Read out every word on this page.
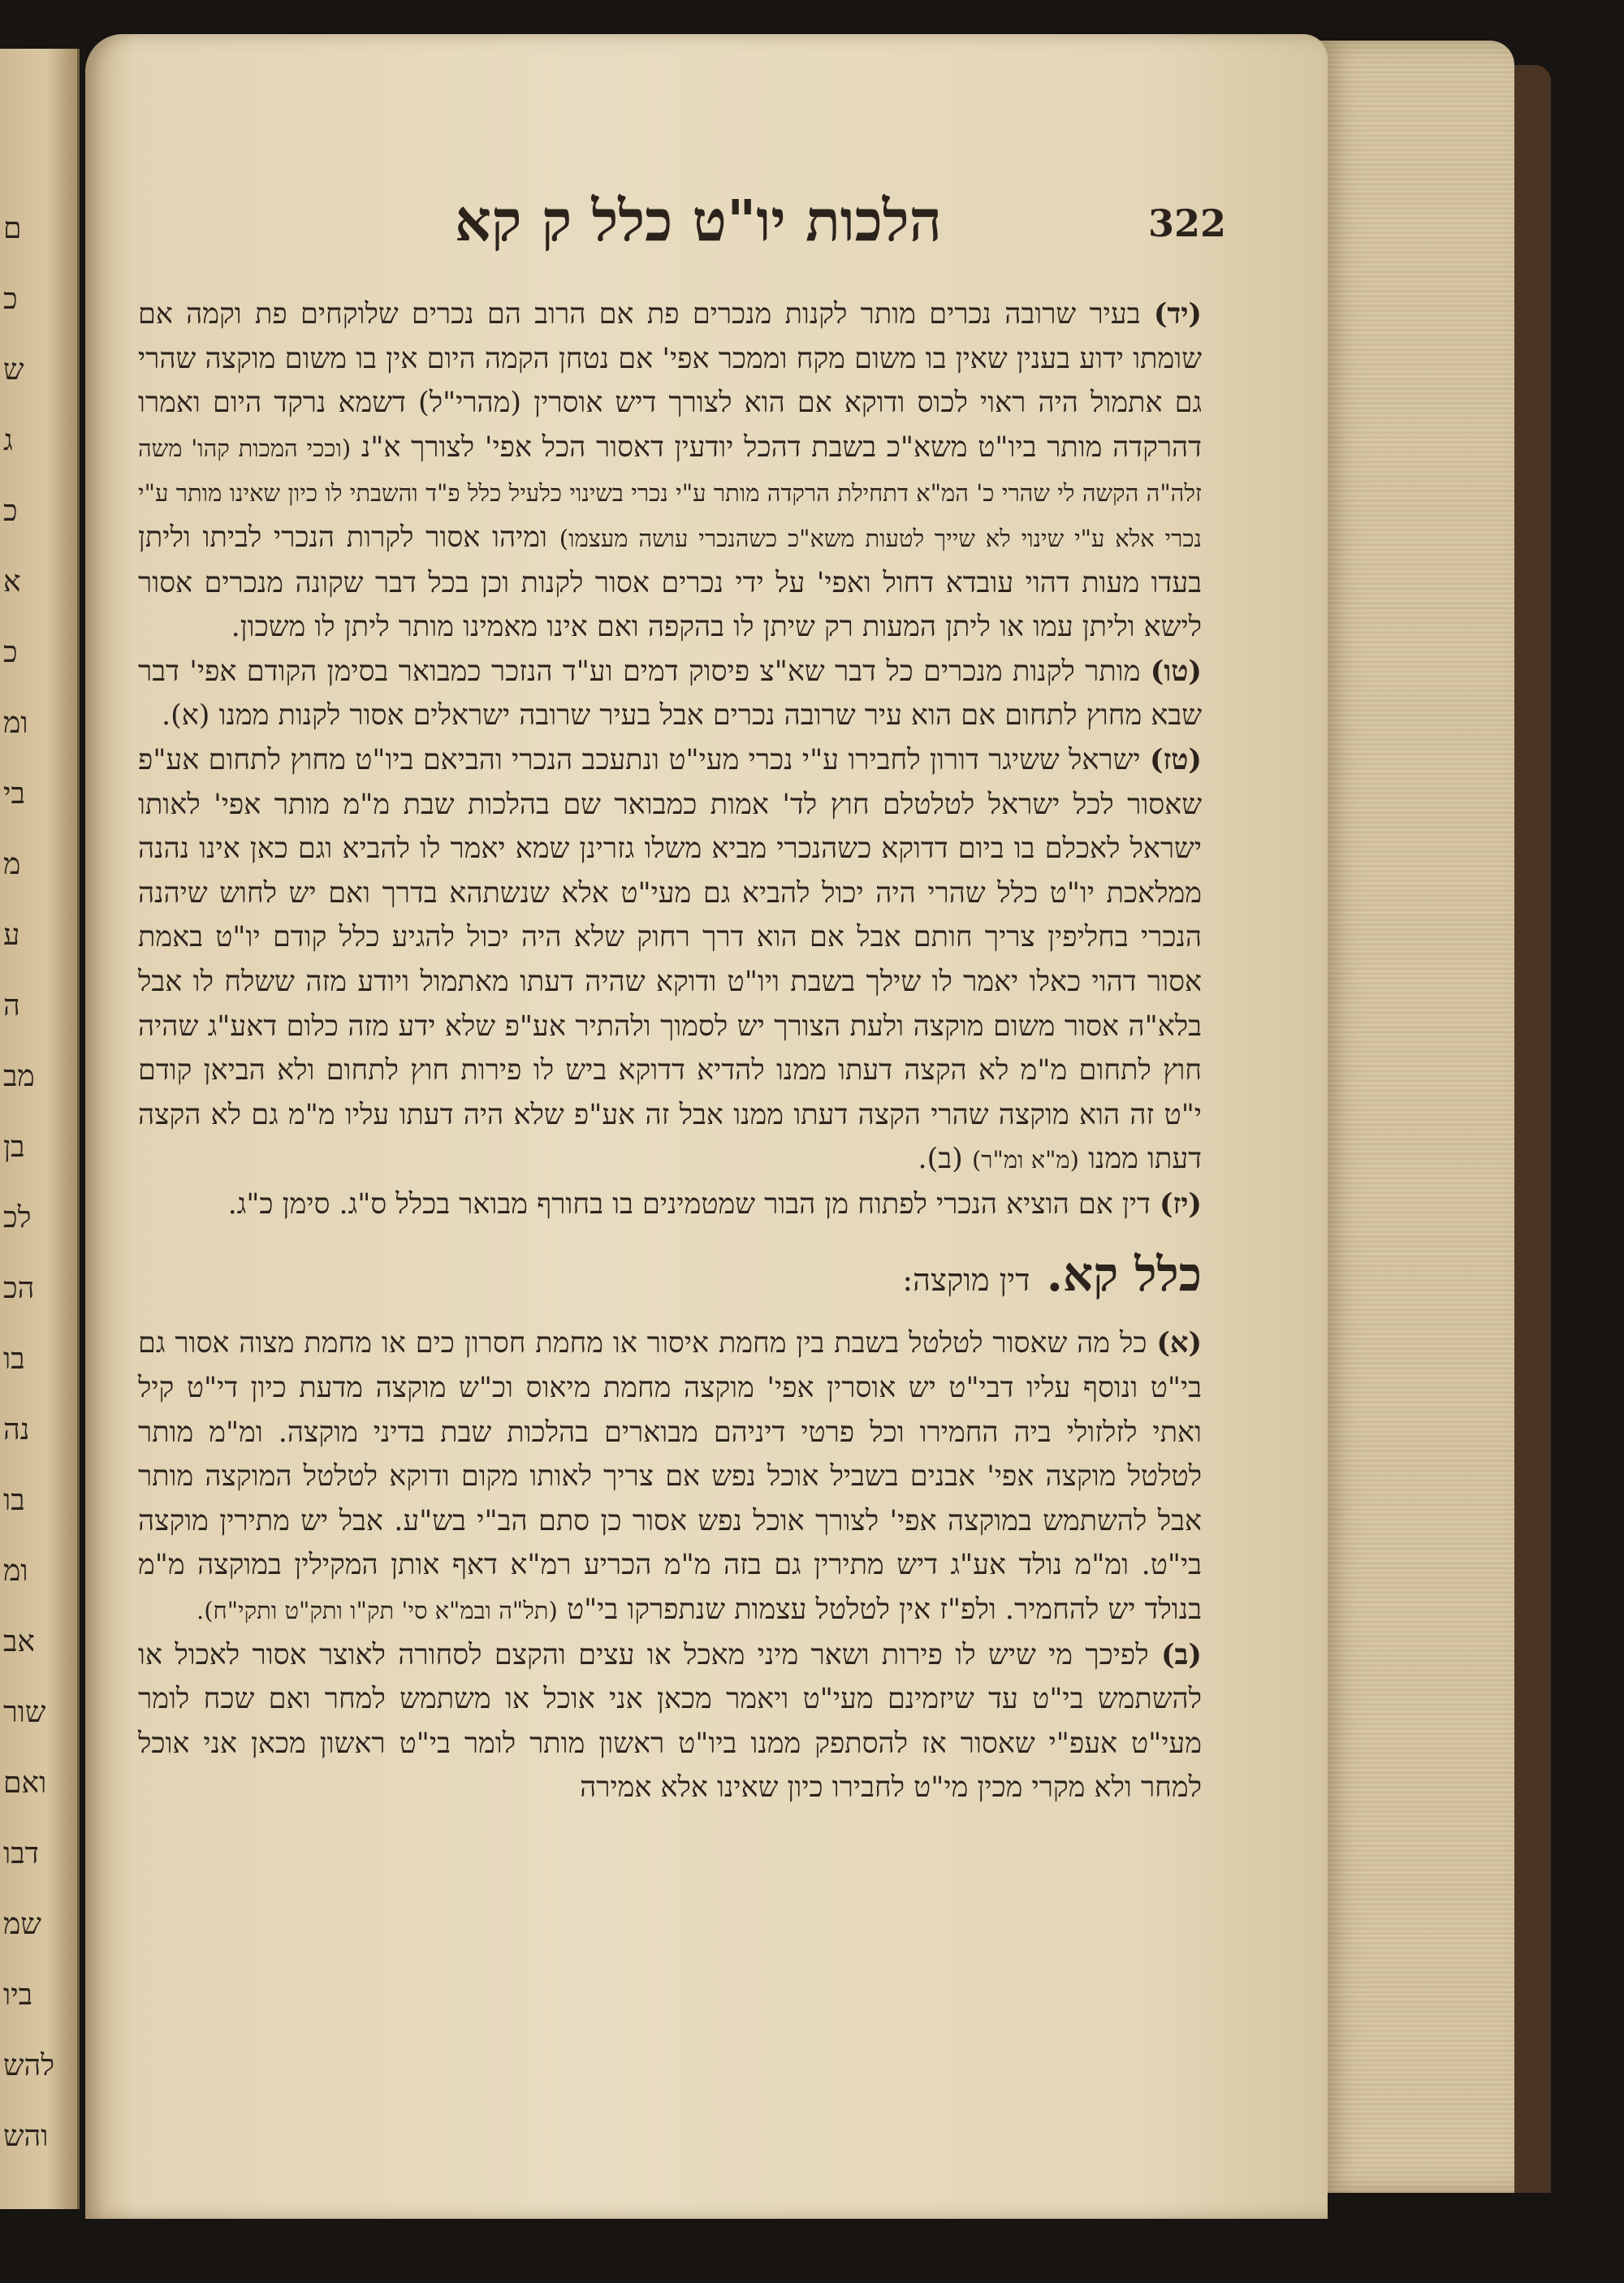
ם
כ
ש
ג
כ
א
כ
ומ
בי
מ
ע
ה
מב
בן
לכ
הכ
בו
נה
בו
ומ
אב
שור
ואם
דבו
שמ
ביו
להש
והש
322
הלכות יו"ט כלל ק קא

(יד) בעיר שרובה נכרים מותר לקנות מנכרים פת אם הרוב הם נכרים שלוקחים פת וקמה אם שומתו ידוע בענין שאין בו משום מקח וממכר אפי' אם נטחן הקמה היום אין בו משום מוקצה שהרי גם אתמול היה ראוי לכוס ודוקא אם הוא לצורך דיש אוסרין (מהרי"ל) דשמא נרקד היום ואמרו דהרקדה מותר ביו"ט משא"כ בשבת דהכל יודעין דאסור הכל אפי' לצורך א"נ (וככי המכות קהו' משה זלה"ה הקשה לי שהרי כ' המ"א דתחילת הרקדה מותר ע"י נכרי בשינוי כלעיל כלל פ"ד והשבתי לו כיון שאינו מותר ע"י נכרי אלא ע"י שינוי לא שייך לטעות משא"כ כשהנכרי עושה מעצמו) ומיהו אסור לקרות הנכרי לביתו וליתן בעדו מעות דהוי עובדא דחול ואפי' על ידי נכרים אסור לקנות וכן בכל דבר שקונה מנכרים אסור לישא וליתן עמו או ליתן המעות רק שיתן לו בהקפה ואם אינו מאמינו מותר ליתן לו משכון.

(טו) מותר לקנות מנכרים כל דבר שא"צ פיסוק דמים וע"ד הנזכר כמבואר בסימן הקודם אפי' דבר שבא מחוץ לתחום אם הוא עיר שרובה נכרים אבל בעיר שרובה ישראלים אסור לקנות ממנו (א).

(טז) ישראל ששיגר דורון לחבירו ע"י נכרי מעי"ט ונתעכב הנכרי והביאם ביו"ט מחוץ לתחום אע"פ שאסור לכל ישראל לטלטלם חוץ לד' אמות כמבואר שם בהלכות שבת מ"מ מותר אפי' לאותו ישראל לאכלם בו ביום דדוקא כשהנכרי מביא משלו גזרינן שמא יאמר לו להביא וגם כאן אינו נהנה ממלאכת יו"ט כלל שהרי היה יכול להביא גם מעי"ט אלא שנשתהא בדרך ואם יש לחוש שיהנה הנכרי בחליפין צריך חותם אבל אם הוא דרך רחוק שלא היה יכול להגיע כלל קודם יו"ט באמת אסור דהוי כאלו יאמר לו שילך בשבת ויו"ט ודוקא שהיה דעתו מאתמול ויודע מזה ששלח לו אבל בלא"ה אסור משום מוקצה ולעת הצורך יש לסמוך ולהתיר אע"פ שלא ידע מזה כלום דאע"ג שהיה חוץ לתחום מ"מ לא הקצה דעתו ממנו להדיא דדוקא ביש לו פירות חוץ לתחום ולא הביאן קודם י"ט זה הוא מוקצה שהרי הקצה דעתו ממנו אבל זה אע"פ שלא היה דעתו עליו מ"מ גם לא הקצה דעתו ממנו (מ"א ומ"ר) (ב).

(יז) דין אם הוציא הנכרי לפתוח מן הבור שמטמינים בו בחורף מבואר בכלל ס"ג. סימן כ"ג.

כלל קא. דין מוקצה:

(א) כל מה שאסור לטלטל בשבת בין מחמת איסור או מחמת חסרון כים או מחמת מצוה אסור גם בי"ט ונוסף עליו דבי"ט יש אוסרין אפי' מוקצה מחמת מיאוס וכ"ש מוקצה מדעת כיון די"ט קיל ואתי לזלזולי ביה החמירו וכל פרטי דיניהם מבוארים בהלכות שבת בדיני מוקצה. ומ"מ מותר לטלטל מוקצה אפי' אבנים בשביל אוכל נפש אם צריך לאותו מקום ודוקא לטלטל המוקצה מותר אבל להשתמש במוקצה אפי' לצורך אוכל נפש אסור כן סתם הב"י בש"ע. אבל יש מתירין מוקצה בי"ט. ומ"מ נולד אע"ג דיש מתירין גם בזה מ"מ הכריע רמ"א דאף אותן המקילין במוקצה מ"מ בנולד יש להחמיר. ולפ"ז אין לטלטל עצמות שנתפרקו בי"ט (תל"ה ובמ"א סי' תק"ו ותק"ט ותקי"ח).

(ב) לפיכך מי שיש לו פירות ושאר מיני מאכל או עצים והקצם לסחורה לאוצר אסור לאכול או להשתמש בי"ט עד שיזמינם מעי"ט ויאמר מכאן אני אוכל או משתמש למחר ואם שכח לומר מעי"ט אעפ"י שאסור אז להסתפק ממנו ביו"ט ראשון מותר לומר בי"ט ראשון מכאן אני אוכל למחר ולא מקרי מכין מי"ט לחבירו כיון שאינו אלא אמירה
